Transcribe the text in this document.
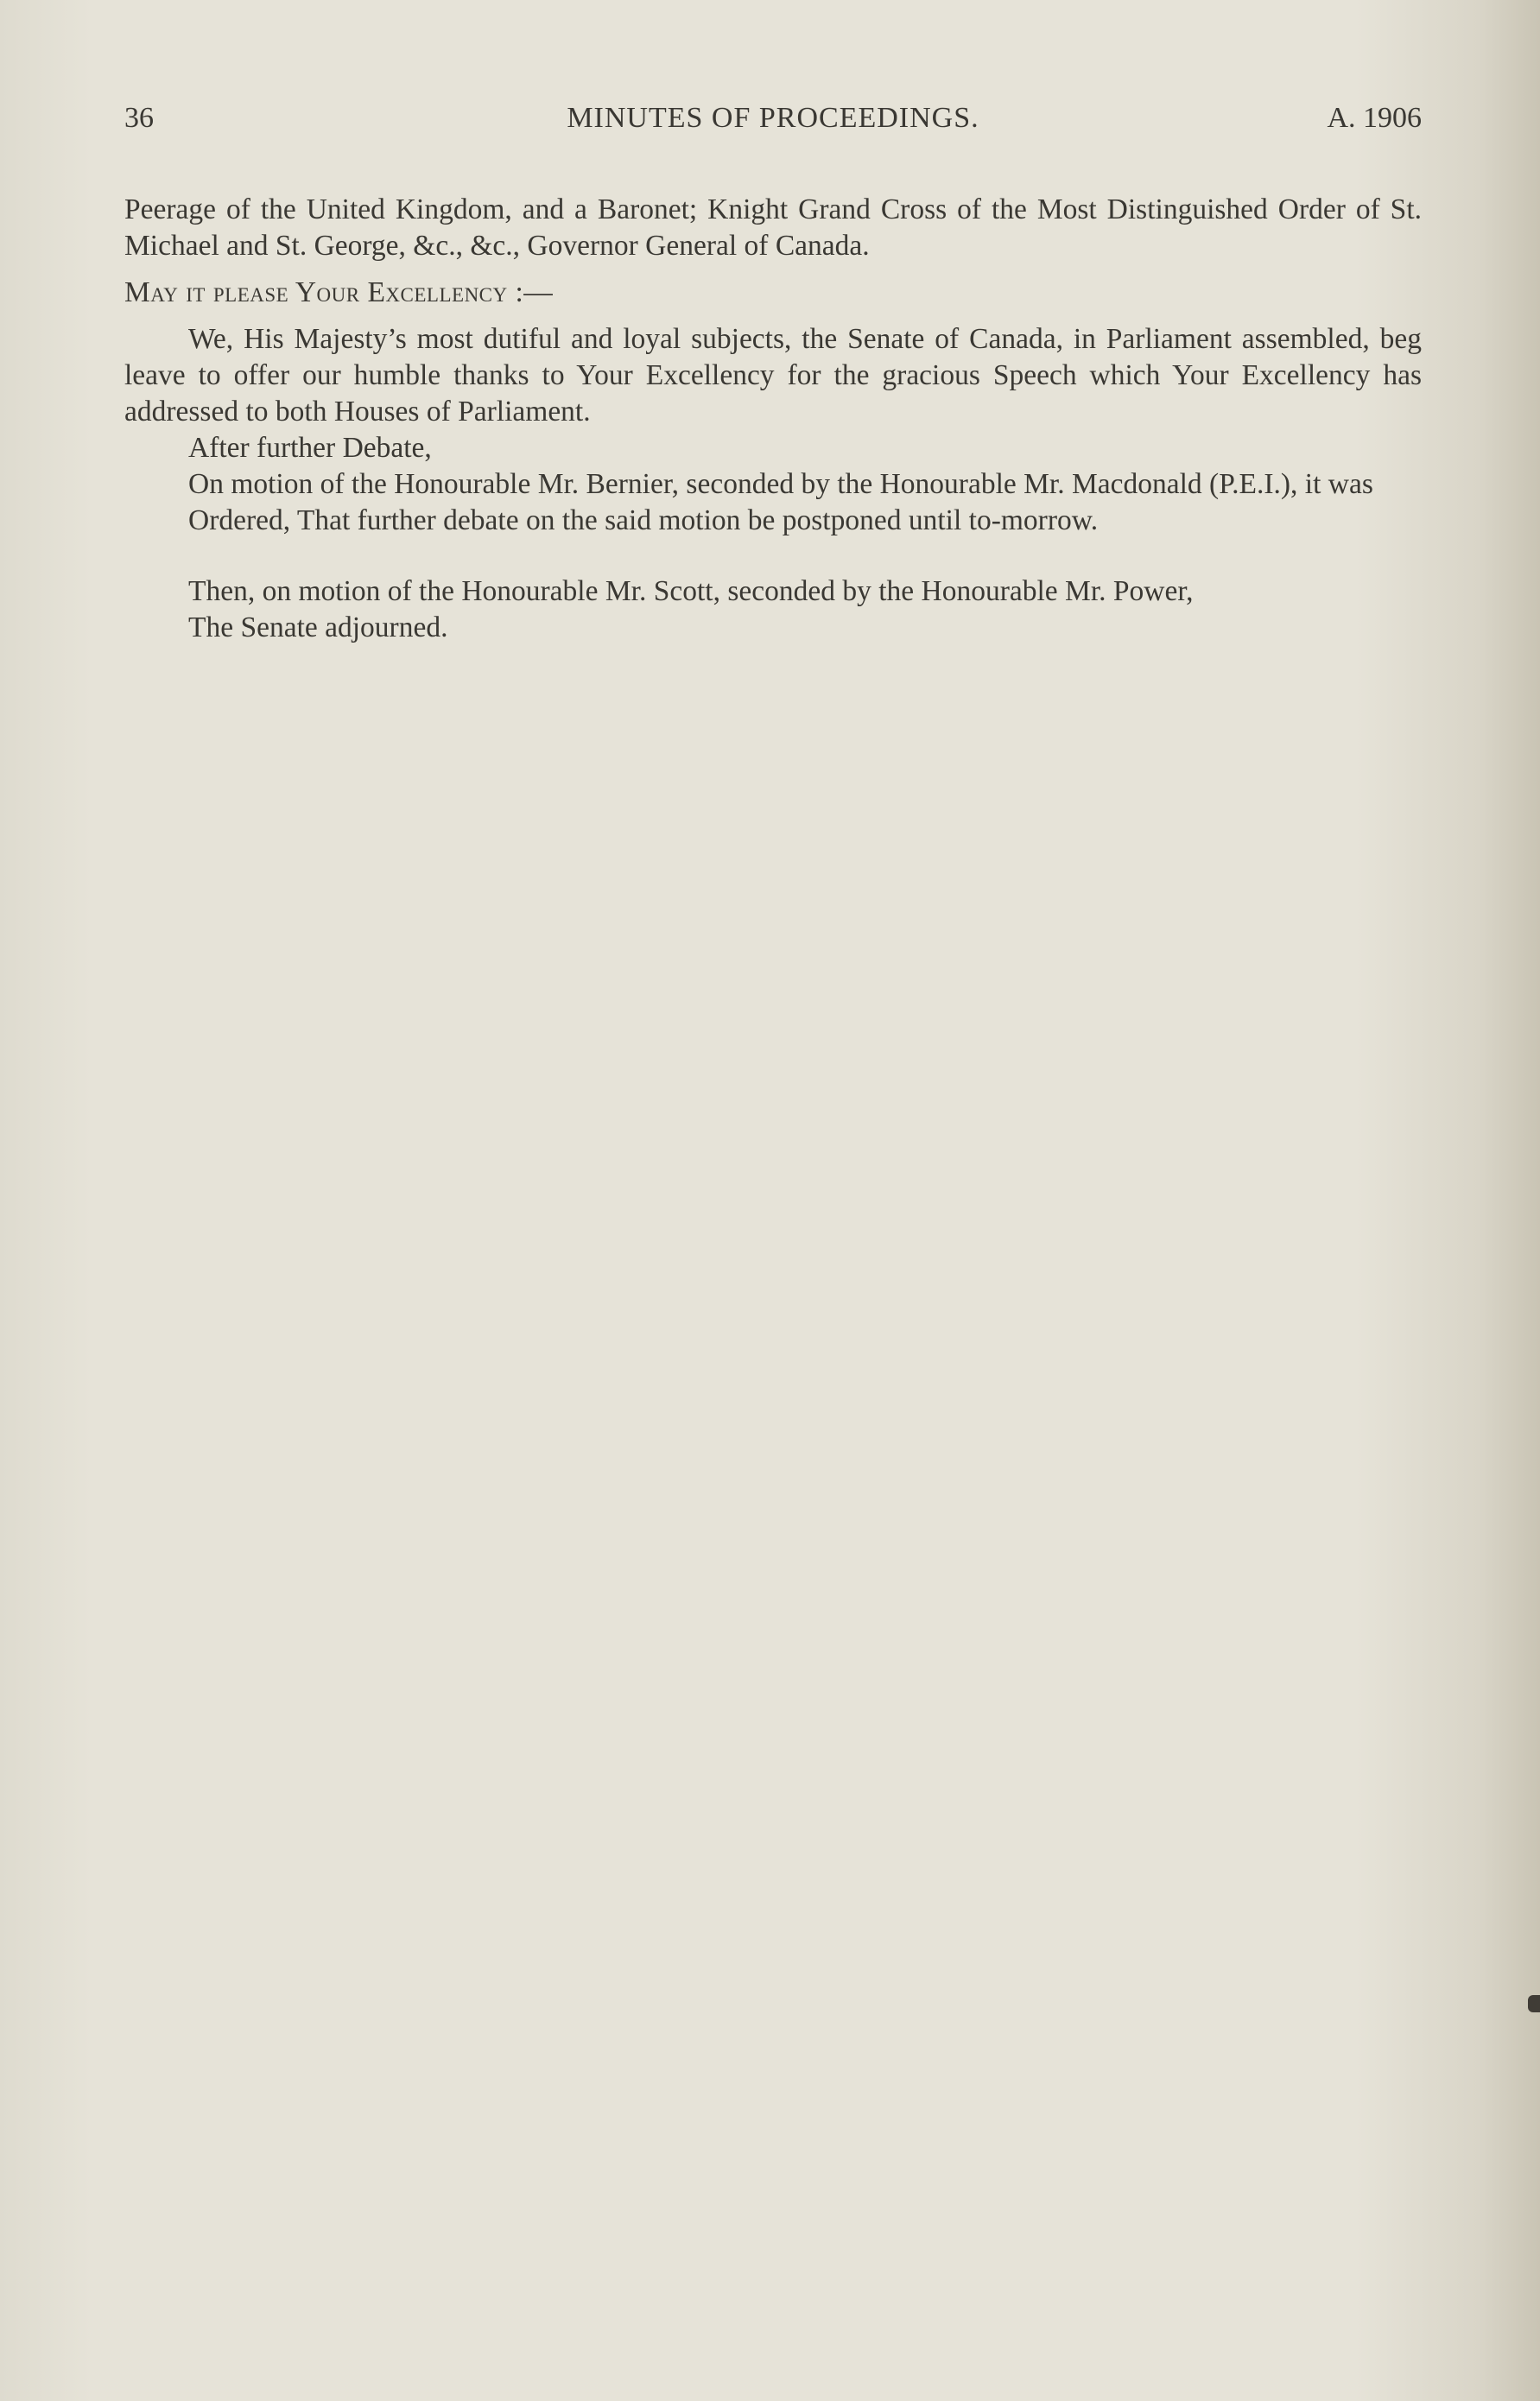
36	MINUTES OF PROCEEDINGS.	A. 1906

Peerage of the United Kingdom, and a Baronet; Knight Grand Cross of the Most Distinguished Order of St. Michael and St. George, &c., &c., Governor General of Canada.

May it please Your Excellency :—

We, His Majesty’s most dutiful and loyal subjects, the Senate of Canada, in Parliament assembled, beg leave to offer our humble thanks to Your Excellency for the gracious Speech which Your Excellency has addressed to both Houses of Parliament.

After further Debate,

On motion of the Honourable Mr. Bernier, seconded by the Honourable Mr. Macdonald (P.E.I.), it was

Ordered, That further debate on the said motion be postponed until to-morrow.

Then, on motion of the Honourable Mr. Scott, seconded by the Honourable Mr. Power,

The Senate adjourned.
